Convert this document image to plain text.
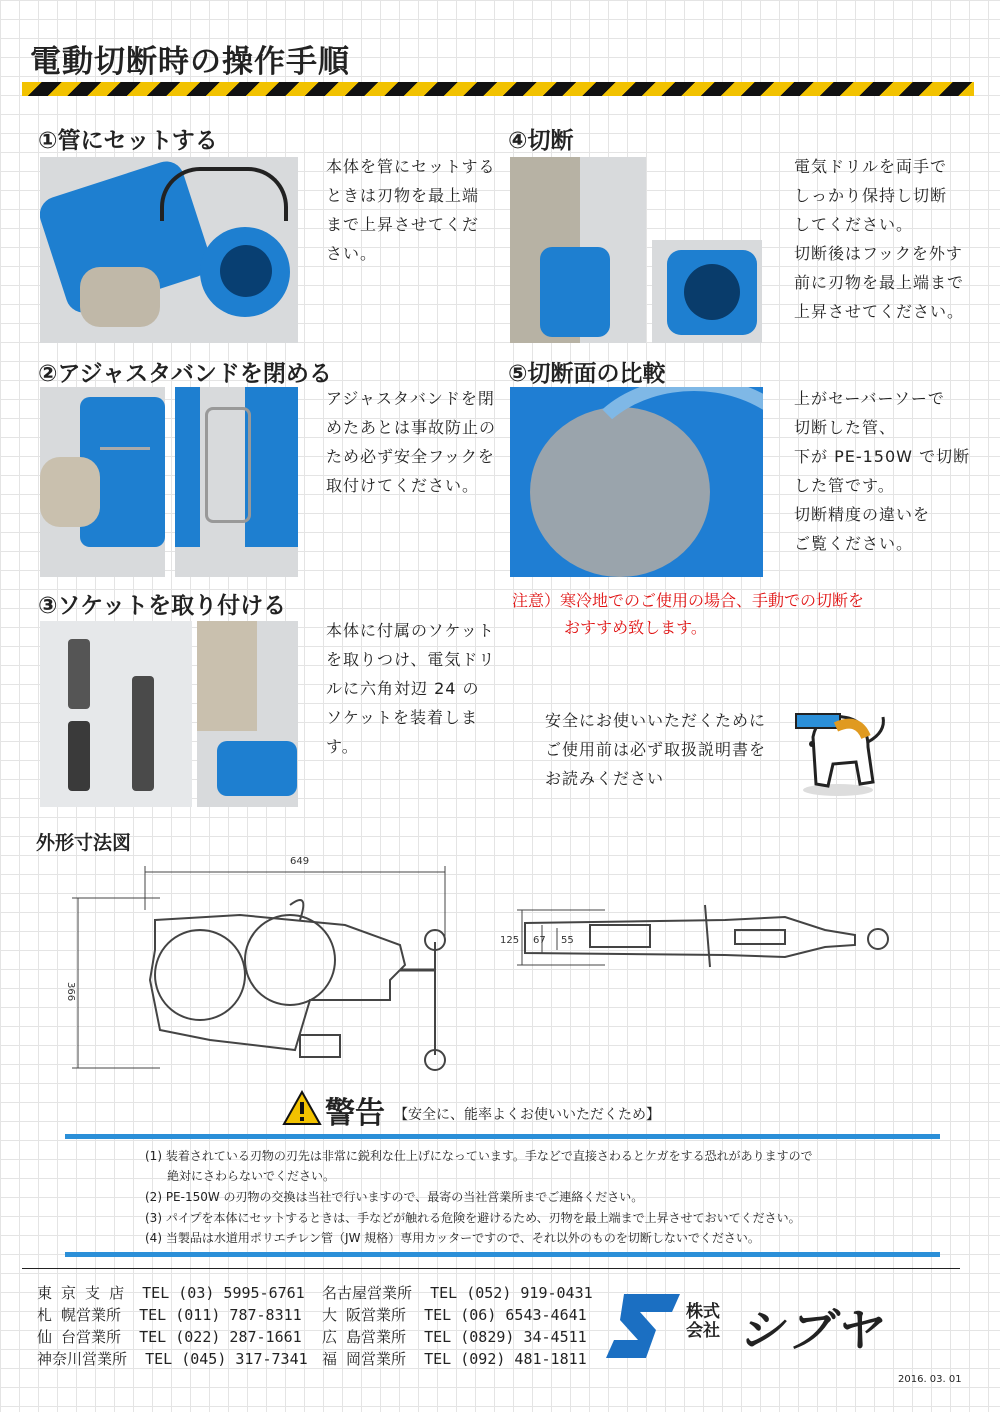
電動切断時の操作手順
①管にセットする
本体を管にセットする
ときは刃物を最上端
まで上昇させてくだ
さい。
②アジャスタバンドを閉める
アジャスタバンドを閉
めたあとは事故防止の
ため必ず安全フックを
取付けてください。
③ソケットを取り付ける
本体に付属のソケット
を取りつけ、電気ドリ
ルに六角対辺 24 の
ソケットを装着しま
す。
④切断
電気ドリルを両手で
しっかり保持し切断
してください。
切断後はフックを外す
前に刃物を最上端まで
上昇させてください。
⑤切断面の比較
上がセーバーソーで
切断した管、
下が PE-150W で切断
した管です。
切断精度の違いを
ご覧ください。
注意）寒冷地でのご使用の場合、手動での切断を
おすすめ致します。
安全にお使いいただくために
ご使用前は必ず取扱説明書を
お読みください
外形寸法図
649
366
125 67 55
警告 【安全に、能率よくお使いいただくため】
(1) 装着されている刃物の刃先は非常に鋭利な仕上げになっています。手などで直接さわるとケガをする恐れがありますので
絶対にさわらないでください。
(2) PE-150W の刃物の交換は当社で行いますので、最寄の当社営業所までご連絡ください。
(3) パイプを本体にセットするときは、手などが触れる危険を避けるため、刃物を最上端まで上昇させておいてください。
(4) 当製品は水道用ポリエチレン管（JW 規格）専用カッターですので、それ以外のものを切断しないでください。
東 京 支 店 TEL (03) 5995-6761
札 幌営業所 TEL (011) 787-8311
仙 台営業所 TEL (022) 287-1661
神奈川営業所 TEL (045) 317-7341
名古屋営業所 TEL (052) 919-0431
大 阪営業所 TEL (06) 6543-4641
広 島営業所 TEL (0829) 34-4511
福 岡営業所 TEL (092) 481-1811
株式
会社 シブヤ
2016. 03. 01
